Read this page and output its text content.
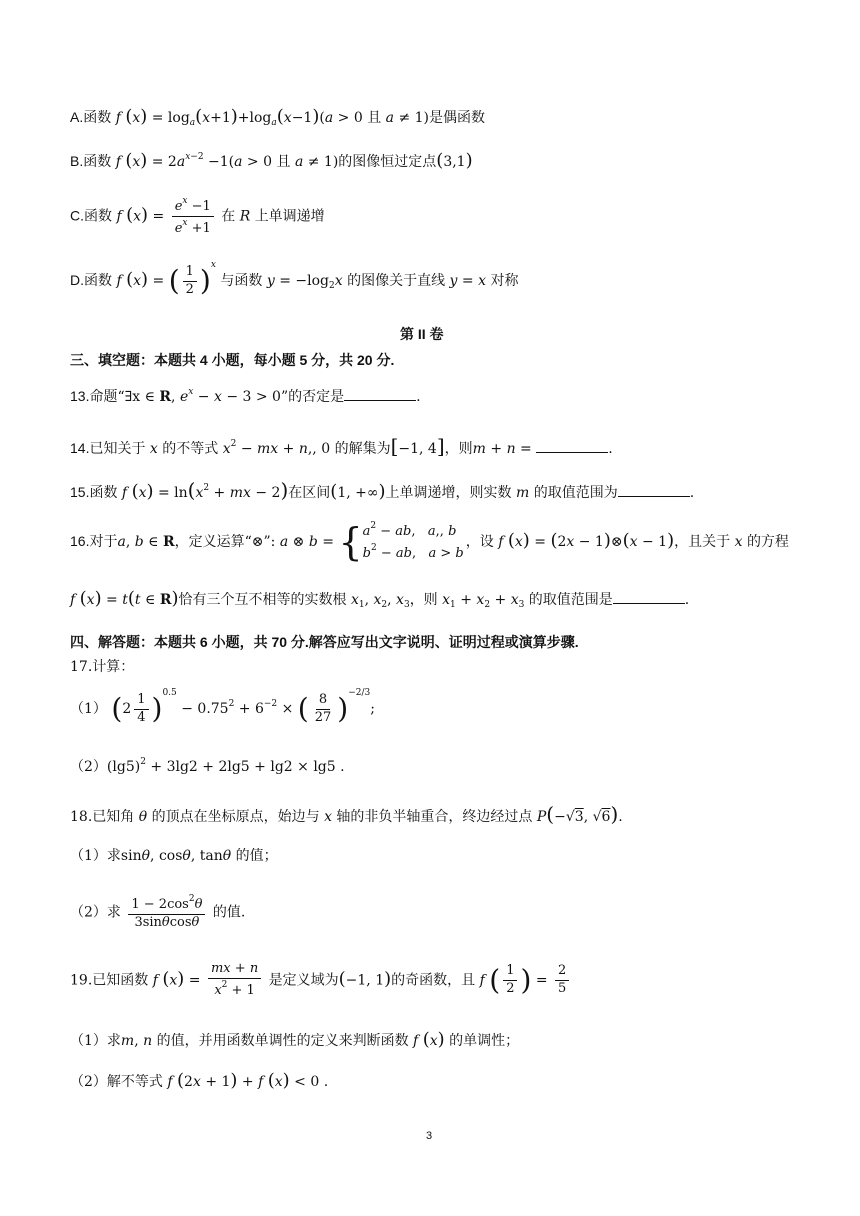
A.函数 f $(x) = \log_a(x+1)+\log_a(x-1)(a > 0$ 且 a ≠ 1)是偶函数
B.函数 f $(x) = 2a^{x-2} -1(a > 0$ 且 a ≠ 1)的图像恒过定点(3,1)
C.函数 f $(x) = \frac{e^x -1}{e^x +1}$ 在 R 上单调递增
D.函数 f (x) = ( $\frac{1}{2} )^x$ 与函数 $y = -\log_2x$ 的图像关于直线 y = x 对称
第 II 卷
三、填空题：本题共 4 小题，每小题 5 分，共 20 分.
13.命题“∃x ∈ R, $e^x - x - 3 > 0$”的否定是	.
14.已知关于 x 的不等式 $x^2$ − mx + n,, 0 的解集为[−1, 4]，则m + n =	.
15.函数 f $(x) = \ln(x^2$ + mx − 2)在区间(1, +∞)上单调递增，则实数 m 的取值范围为	.
16.对于a, b ∈ R，定义运算“⊗”: a ⊗ b = { $a^2$ − ab,   a,, b
$b^2$ − ab,   a > b
，设 f (x) = (2x − 1)⊗(x − 1)，且关于 x 的方程
f (x) = t(t ∈ R)恰有三个互不相等的实数根 $x_1$, $x_2$, $x_3$，则 $x_1 + x_2 + x_3$ 的取值范围是	.
四、解答题：本题共 6 小题，共 70 分.解答应写出文字说明、证明过程或演算步骤.
17.计算：
（1） $(2 \frac{1}{4} )^{0.5} - 0.75^2 + 6^{-2}$ × ( $\frac{8}{27} )^{-2/3}$;
$(2)(\lg 5)^2 + 3\lg 2 + 2\lg 5 + \lg 2 \times \lg 5$ .
18.已知角 θ 的顶点在坐标原点，始边与 x 轴的非负半轴重合，终边经过点 P(−√3, √6).
（1）求sinθ, cosθ, tanθ 的值；
（2）求 $\frac{1 - 2\cos^2\theta}{3\sin\theta\cos\theta}$ 的值.
19.已知函数 f $(x) = \frac{mx + n}{x^2 + 1}$ 是定义域为(−1, 1)的奇函数，且 f ( $\frac{1}{2}$ ) = $\frac{2}{5}$
（1）求m, n 的值，并用函数单调性的定义来判断函数 f (x) 的单调性；
（2）解不等式 f (2x + 1) + f (x) < 0 .
3
